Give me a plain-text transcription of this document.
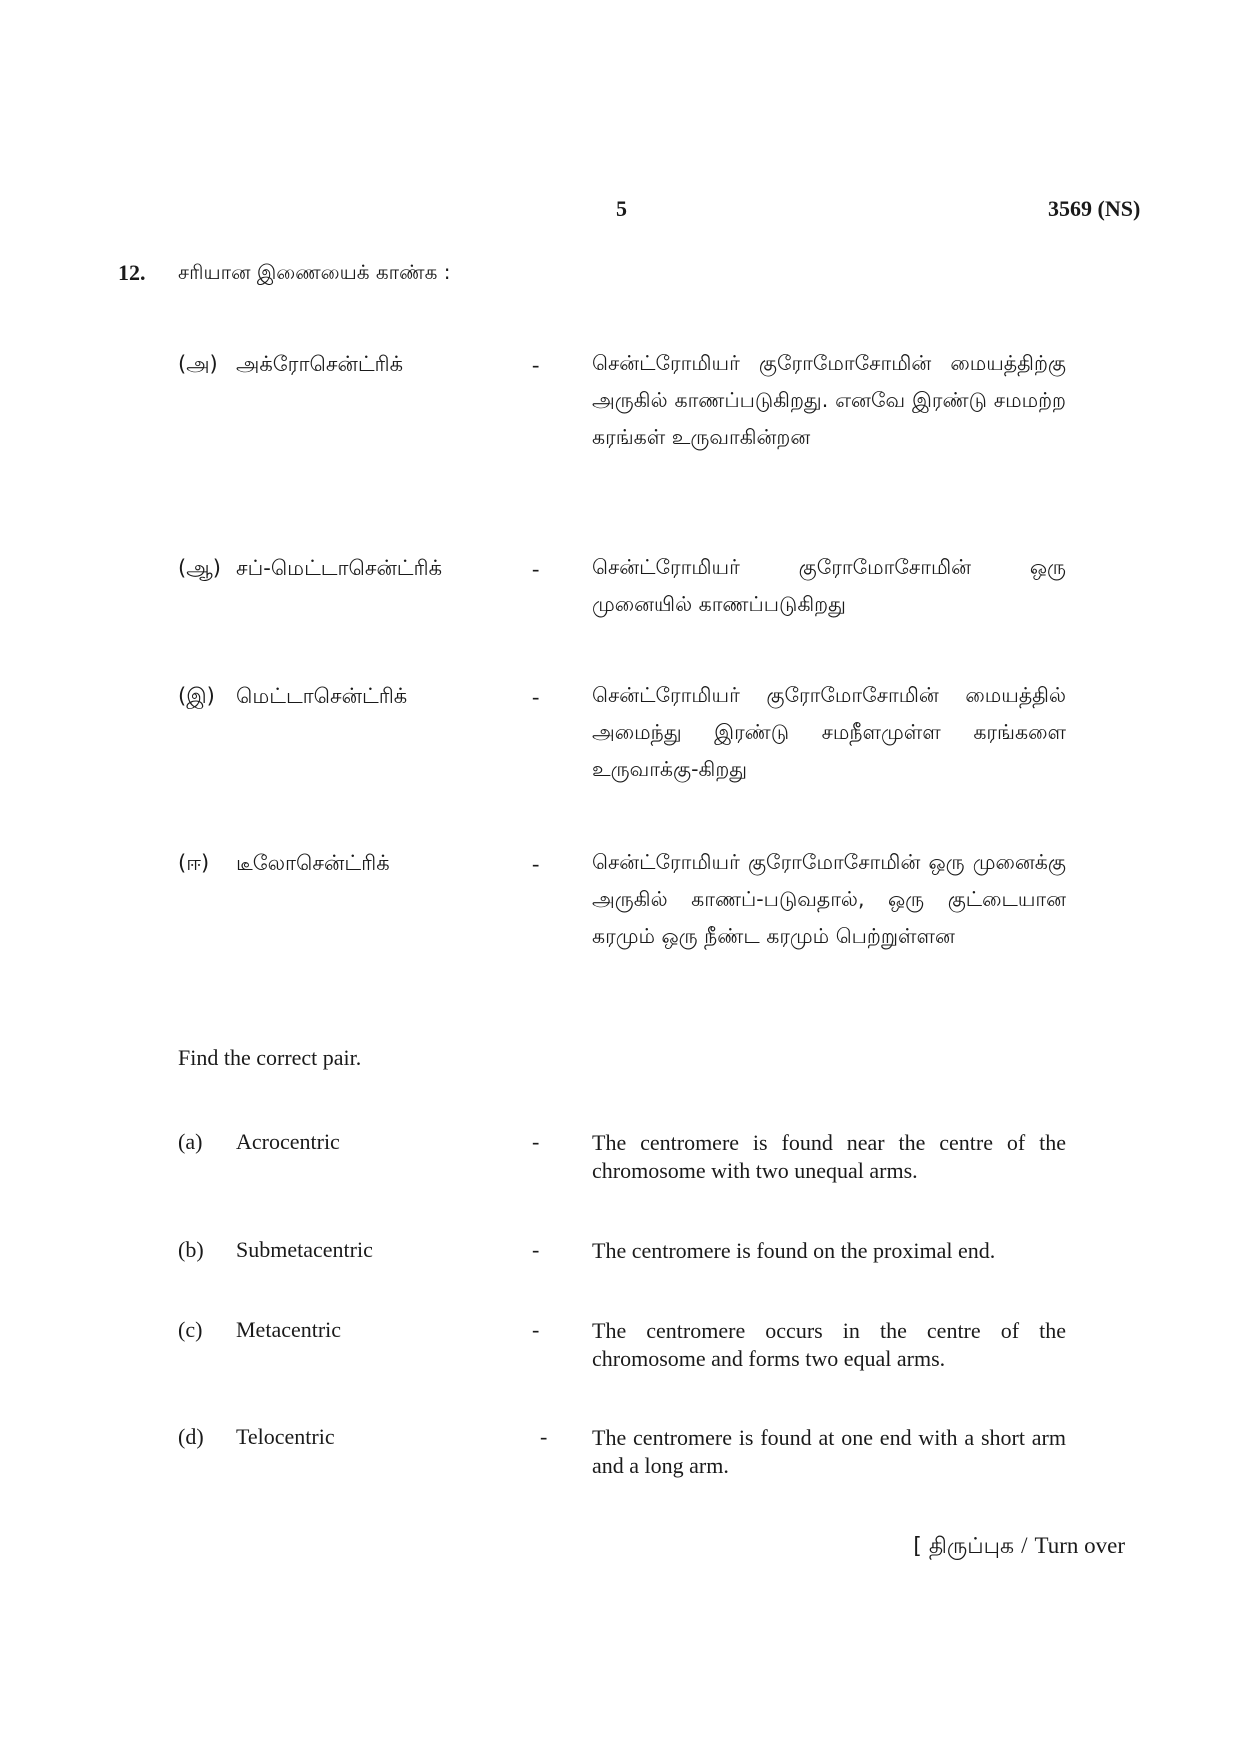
5	3569 (NS)
12. சரியான இணையைக் காண்க :
(அ) அக்ரோசென்ட்ரிக்	-	சென்ட்ரோமியர் குரோமோசோமின் மையத்திற்கு அருகில் காணப்படுகிறது. எனவே இரண்டு சமமற்ற கரங்கள் உருவாகின்றன
(ஆ) சப்-மெட்டாசென்ட்ரிக்	-	சென்ட்ரோமியர் குரோமோசோமின் ஒரு முனையில் காணப்படுகிறது
(இ) மெட்டாசென்ட்ரிக்	-	சென்ட்ரோமியர் குரோமோசோமின் மையத்தில் அமைந்து இரண்டு சமநீளமுள்ள கரங்களை உருவாக்கு-கிறது
(ஈ) டீலோசென்ட்ரிக்	-	சென்ட்ரோமியர் குரோமோசோமின் ஒரு முனைக்கு அருகில் காணப்-படுவதால், ஒரு குட்டையான கரமும் ஒரு நீண்ட கரமும் பெற்றுள்ளன
Find the correct pair.
(a) Acrocentric	- The centromere is found near the centre of the chromosome with two unequal arms.
(b) Submetacentric	- The centromere is found on the proximal end.
(c) Metacentric	- The centromere occurs in the centre of the chromosome and forms two equal arms.
(d) Telocentric	- The centromere is found at one end with a short arm and a long arm.
[ திருப்புக / Turn over
